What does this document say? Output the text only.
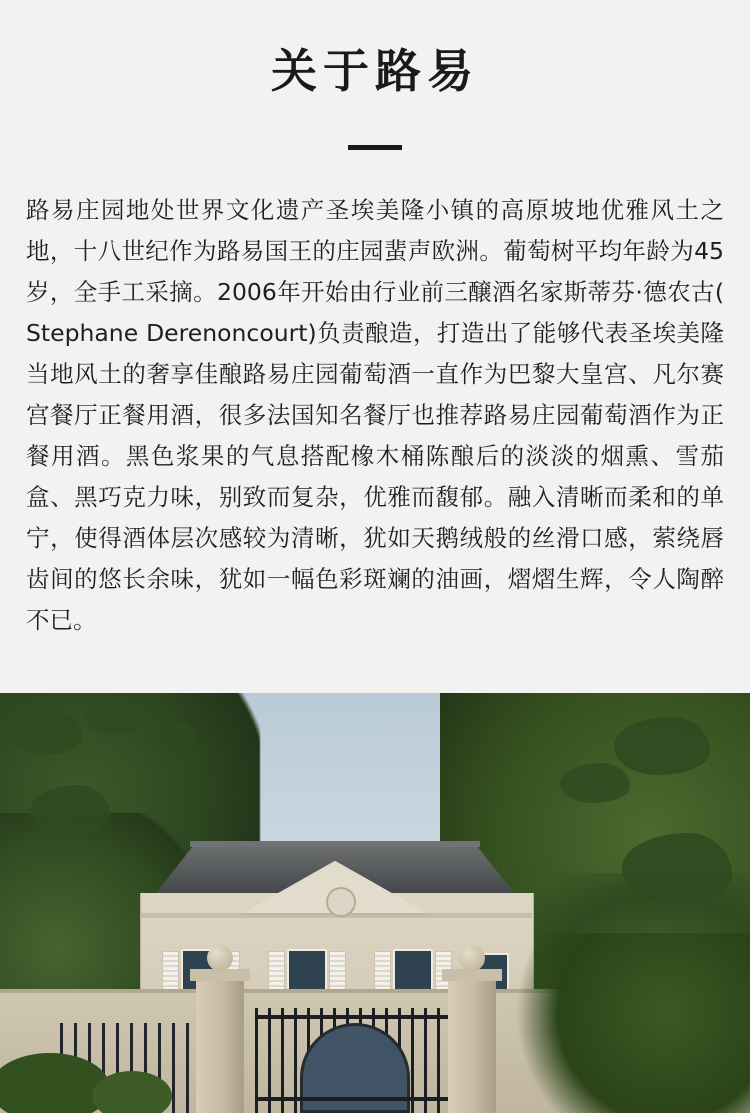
关于路易

路易庄园地处世界文化遗产圣埃美隆小镇的高原坡地优雅风土之地，十八世纪作为路易国王的庄园蜚声欧洲。葡萄树平均年龄为45岁，全手工采摘。2006年开始由行业前三醸酒名家斯蒂芬·德农古( Stephane Derenoncourt)负责酿造，打造出了能够代表圣埃美隆当地风土的奢享佳酿路易庄园葡萄酒一直作为巴黎大皇宫、凡尔赛宫餐厅正餐用酒，很多法国知名餐厅也推荐路易庄园葡萄酒作为正餐用酒。黑色浆果的气息搭配橡木桶陈酿后的淡淡的烟熏、雪茄盒、黑巧克力味，别致而复杂，优雅而馥郁。融入清晰而柔和的单宁，使得酒体层次感较为清晰，犹如天鹅绒般的丝滑口感，萦绕唇齿间的悠长余味，犹如一幅色彩斑斓的油画，熠熠生辉，令人陶醉不已。
